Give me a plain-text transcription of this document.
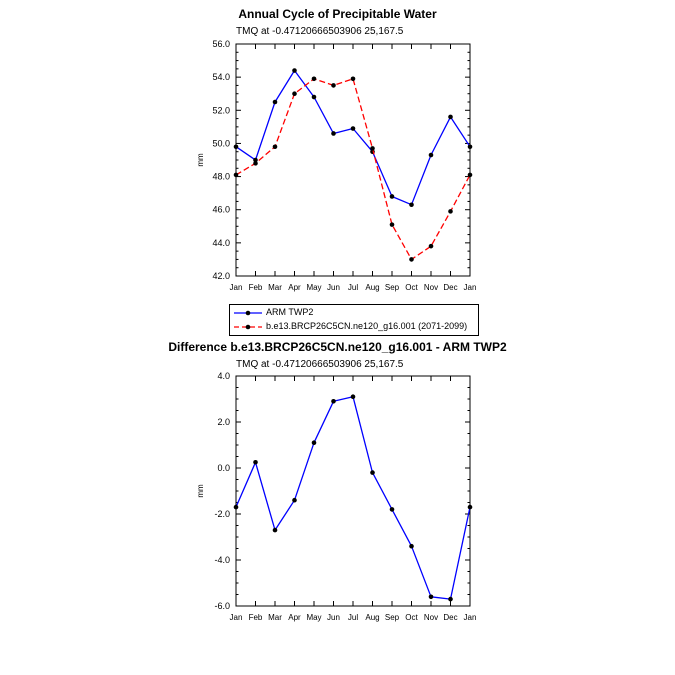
Annual Cycle of Precipitable Water
TMQ at -0.47120666503906 25,167.5
Difference b.e13.BRCP26C5CN.ne120_g16.001 - ARM TWP2
TMQ at -0.47120666503906 25,167.5
42.0
44.0
46.0
48.0
50.0
52.0
54.0
56.0
Jan Feb Mar Apr May Jun Jul Aug Sep Oct Nov Dec Jan
mm
-6.0
-4.0
-2.0
0.0
2.0
4.0
Jan Feb Mar Apr May Jun Jul Aug Sep Oct Nov Dec Jan
mm
ARM TWP2
b.e13.BRCP26C5CN.ne120_g16.001 (2071-2099)
